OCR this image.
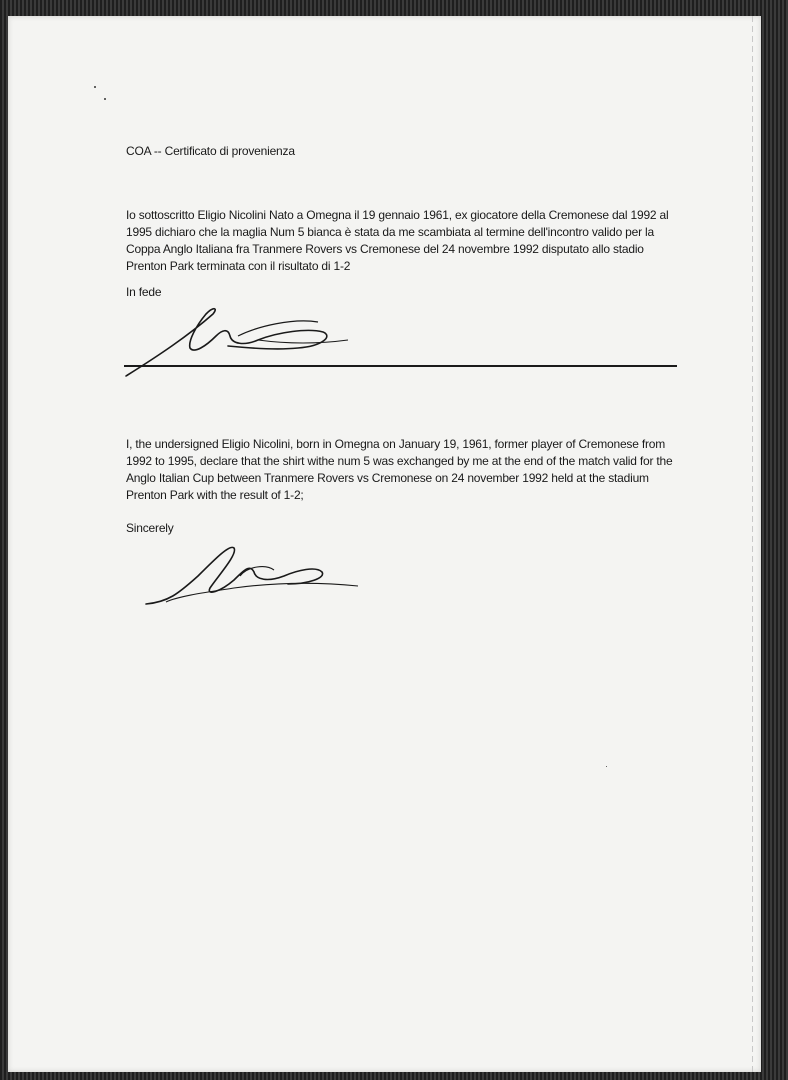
COA -- Certificato di provenienza
Io sottoscritto Eligio Nicolini Nato a Omegna il 19 gennaio 1961, ex giocatore della Cremonese dal 1992 al 1995 dichiaro che la maglia Num 5 bianca è stata da me scambiata al termine dell'incontro valido per la Coppa Anglo Italiana fra Tranmere Rovers vs Cremonese del 24 novembre 1992 disputato allo stadio Prenton Park terminata con il risultato di 1-2
In fede
I, the undersigned Eligio Nicolini, born in Omegna on January 19, 1961, former player of Cremonese from 1992 to 1995, declare that the shirt withe num 5 was exchanged by me at the end of the match valid for the Anglo Italian Cup between Tranmere Rovers vs Cremonese on 24 november 1992 held at the stadium Prenton Park with the result of 1-2;
Sincerely
